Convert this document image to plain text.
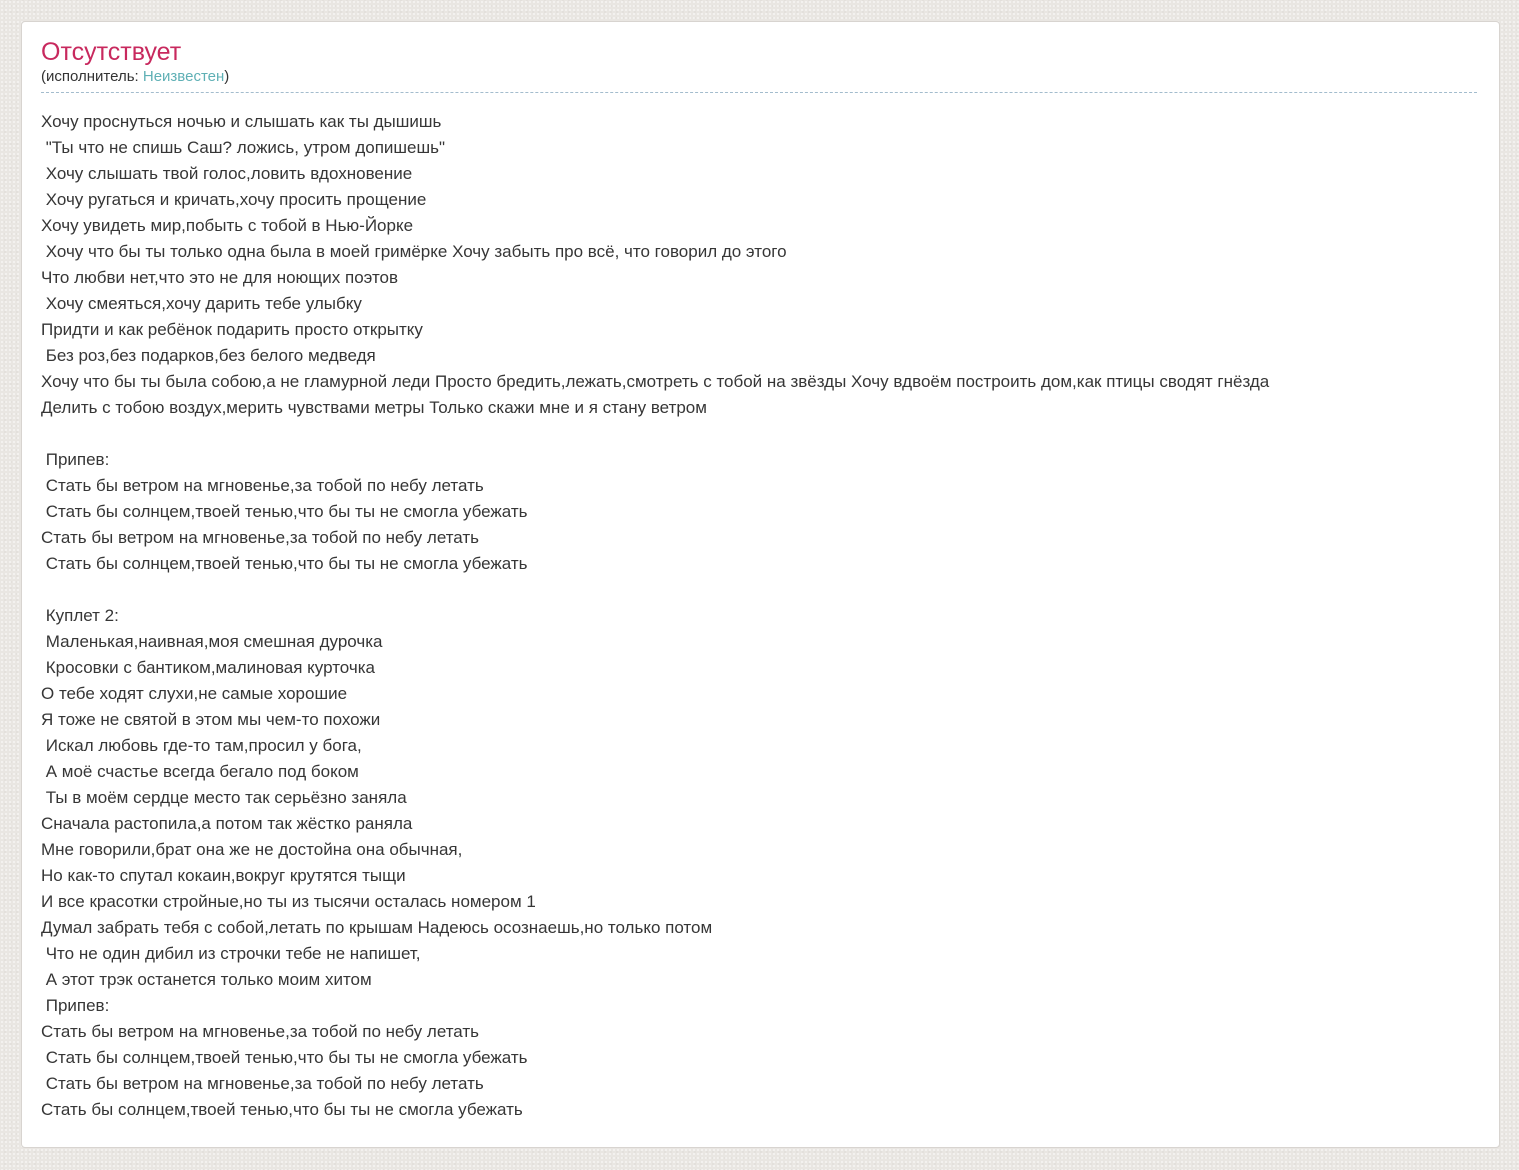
Отсутствует
(исполнитель: Неизвестен)
Хочу проснуться ночью и слышать как ты дышишь
"Ты что не спишь Саш? ложись, утром допишешь"
Хочу слышать твой голос,ловить вдохновение
Хочу ругаться и кричать,хочу просить прощение
Хочу увидеть мир,побыть с тобой в Нью-Йорке
Хочу что бы ты только одна была в моей гримёрке Хочу забыть про всё, что говорил до этого
Что любви нет,что это не для ноющих поэтов
Хочу смеяться,хочу дарить тебе улыбку
Придти и как ребёнок подарить просто открытку
Без роз,без подарков,без белого медведя
Хочу что бы ты была собою,а не гламурной леди Просто бредить,лежать,смотреть с тобой на звёзды Хочу вдвоём построить дом,как птицы сводят гнёзда
Делить с тобою воздух,мерить чувствами метры Только скажи мне и я стану ветром
Припев:
Стать бы ветром на мгновенье,за тобой по небу летать
Стать бы солнцем,твоей тенью,что бы ты не смогла убежать
Стать бы ветром на мгновенье,за тобой по небу летать
Стать бы солнцем,твоей тенью,что бы ты не смогла убежать
Куплет 2:
Маленькая,наивная,моя смешная дурочка
Кросовки с бантиком,малиновая курточка
О тебе ходят слухи,не самые хорошие
Я тоже не святой в этом мы чем-то похожи
Искал любовь где-то там,просил у бога,
А моё счастье всегда бегало под боком
Ты в моём сердце место так серьёзно заняла
Сначала растопила,а потом так жёстко раняла
Мне говорили,брат она же не достойна она обычная,
Но как-то спутал кокаин,вокруг крутятся тыщи
И все красотки стройные,но ты из тысячи осталась номером 1
Думал забрать тебя с собой,летать по крышам Надеюсь осознаешь,но только потом
Что не один дибил из строчки тебе не напишет,
А этот трэк останется только моим хитом
Припев:
Стать бы ветром на мгновенье,за тобой по небу летать
Стать бы солнцем,твоей тенью,что бы ты не смогла убежать
Стать бы ветром на мгновенье,за тобой по небу летать
Стать бы солнцем,твоей тенью,что бы ты не смогла убежать
